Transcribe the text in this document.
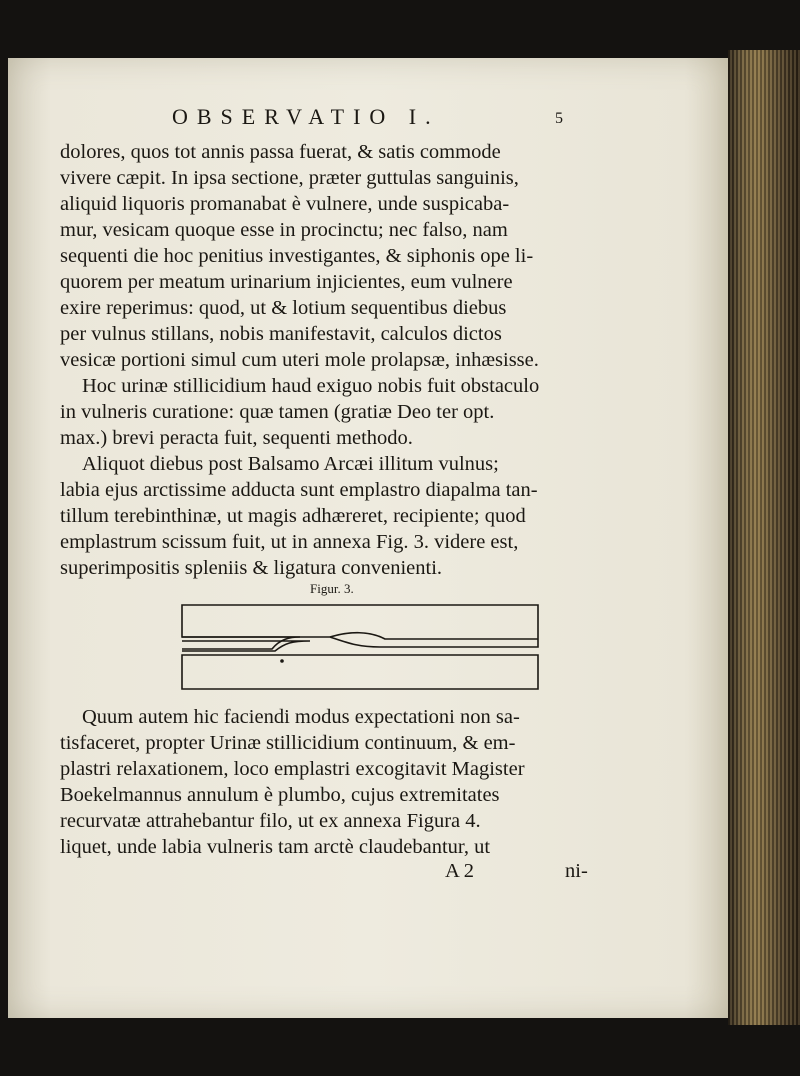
OBSERVATIO I.	5
dolores, quos tot annis passa fuerat, & satis commode
vivere cæpit. In ipsa sectione, præter guttulas sanguinis,
aliquid liquoris promanabat è vulnere, unde suspicaba-
mur, vesicam quoque esse in procinctu; nec falso, nam
sequenti die hoc penitius investigantes, & siphonis ope li-
quorem per meatum urinarium injicientes, eum vulnere
exire reperimus: quod, ut & lotium sequentibus diebus
per vulnus stillans, nobis manifestavit, calculos dictos
vesicæ portioni simul cum uteri mole prolapsæ, inhæsisse.
Hoc urinæ stillicidium haud exiguo nobis fuit obstaculo
in vulneris curatione: quæ tamen (gratiæ Deo ter opt.
max.) brevi peracta fuit, sequenti methodo.
Aliquot diebus post Balsamo Arcæi illitum vulnus;
labia ejus arctissime adducta sunt emplastro diapalma tan-
tillum terebinthinæ, ut magis adhæreret, recipiente; quod
emplastrum scissum fuit, ut in annexa Fig. 3. videre est,
superimpositis spleniis & ligatura convenienti.
Figur. 3.
Quum autem hic faciendi modus expectationi non sa-
tisfaceret, propter Urinæ stillicidium continuum, & em-
plastri relaxationem, loco emplastri excogitavit Magister
Boekelmannus annulum è plumbo, cujus extremitates
recurvatæ attrahebantur filo, ut ex annexa Figura 4.
liquet, unde labia vulneris tam arctè claudebantur, ut
A 2	ni-
